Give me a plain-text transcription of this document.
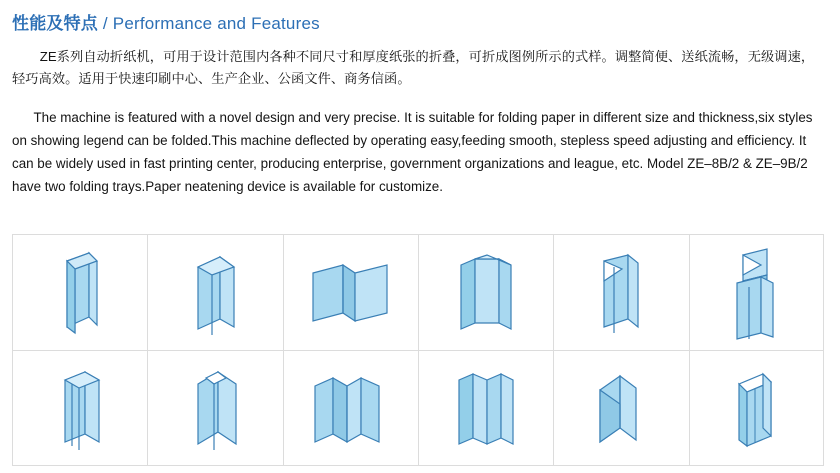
性能及特点 / Performance and Features

ZE系列自动折纸机，可用于设计范围内各种不同尺寸和厚度纸张的折叠，可折成图例所示的式样。调整简便、送纸流畅，无级调速，轻巧高效。适用于快速印刷中心、生产企业、公函文件、商务信函。

The machine is featured with a novel design and very precise. It is suitable for folding paper in different size and thickness,six styles on showing legend can be folded.This machine deflected by operating easy,feeding smooth, stepless speed adjusting and efficiency. It can be widely used in fast printing center, producing enterprise, government organizations and league, etc. Model ZE–8B/2 & ZE–9B/2 have two folding trays.Paper neatening device is available for customize.
